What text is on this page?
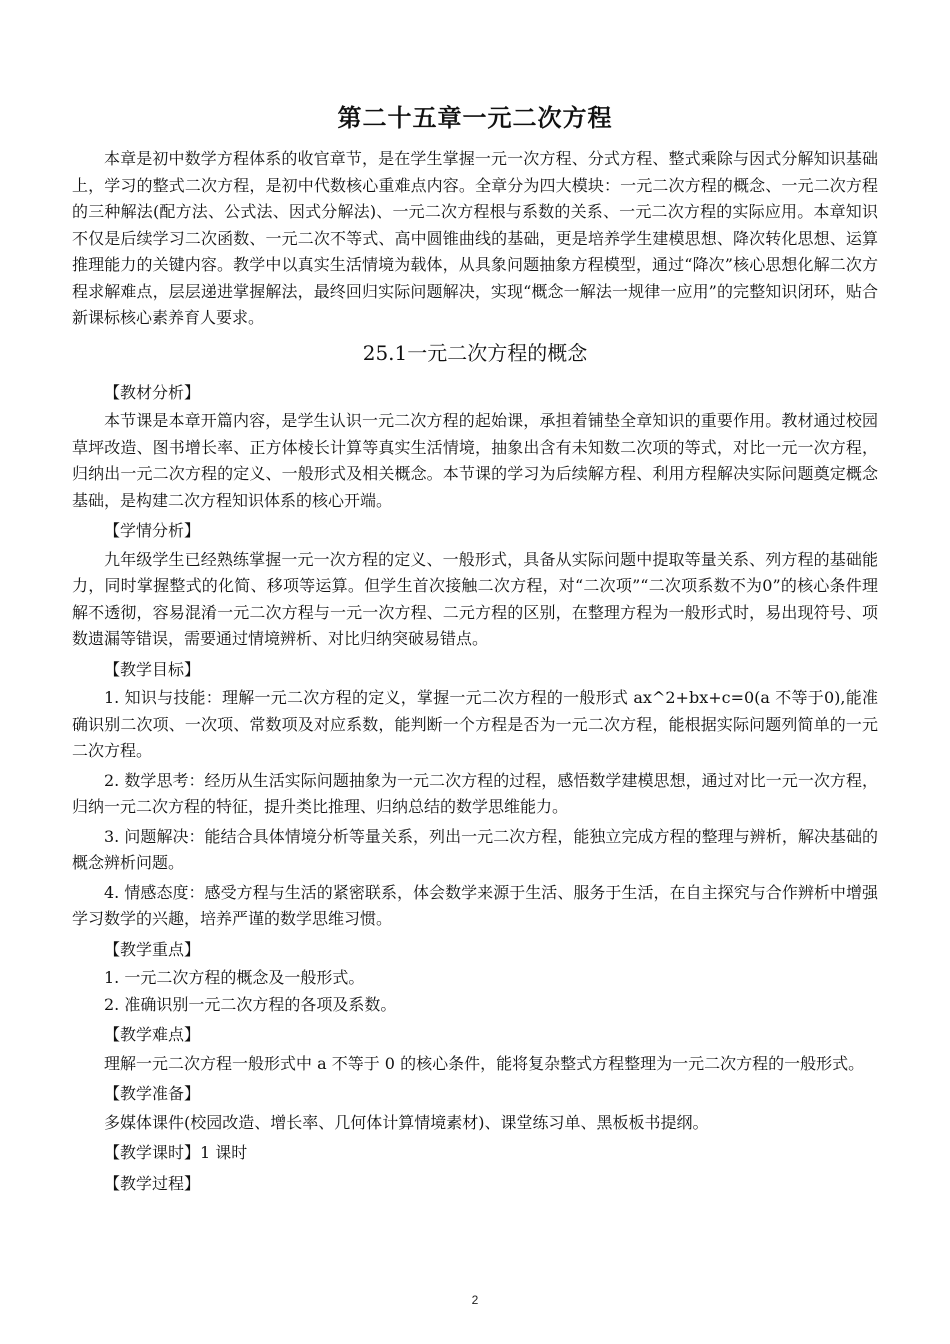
第二十五章一元二次方程

本章是初中数学方程体系的收官章节，是在学生掌握一元一次方程、分式方程、整式乘除与因式分解知识基础上，学习的整式二次方程，是初中代数核心重难点内容。全章分为四大模块：一元二次方程的概念、一元二次方程的三种解法(配方法、公式法、因式分解法)、一元二次方程根与系数的关系、一元二次方程的实际应用。本章知识不仅是后续学习二次函数、一元二次不等式、高中圆锥曲线的基础，更是培养学生建模思想、降次转化思想、运算推理能力的关键内容。教学中以真实生活情境为载体，从具象问题抽象方程模型，通过“降次”核心思想化解二次方程求解难点，层层递进掌握解法，最终回归实际问题解决，实现“概念一解法一规律一应用”的完整知识闭环，贴合新课标核心素养育人要求。

25.1一元二次方程的概念

【教材分析】

本节课是本章开篇内容，是学生认识一元二次方程的起始课，承担着铺垫全章知识的重要作用。教材通过校园草坪改造、图书增长率、正方体棱长计算等真实生活情境，抽象出含有未知数二次项的等式，对比一元一次方程，归纳出一元二次方程的定义、一般形式及相关概念。本节课的学习为后续解方程、利用方程解决实际问题奠定概念基础，是构建二次方程知识体系的核心开端。

【学情分析】

九年级学生已经熟练掌握一元一次方程的定义、一般形式，具备从实际问题中提取等量关系、列方程的基础能力，同时掌握整式的化简、移项等运算。但学生首次接触二次方程，对“二次项”“二次项系数不为0”的核心条件理解不透彻，容易混淆一元二次方程与一元一次方程、二元方程的区别，在整理方程为一般形式时，易出现符号、项数遗漏等错误，需要通过情境辨析、对比归纳突破易错点。

【教学目标】

1. 知识与技能：理解一元二次方程的定义，掌握一元二次方程的一般形式 ax^2+bx+c=0(a 不等于0),能准确识别二次项、一次项、常数项及对应系数，能判断一个方程是否为一元二次方程，能根据实际问题列简单的一元二次方程。

2. 数学思考：经历从生活实际问题抽象为一元二次方程的过程，感悟数学建模思想，通过对比一元一次方程，归纳一元二次方程的特征，提升类比推理、归纳总结的数学思维能力。

3. 问题解决：能结合具体情境分析等量关系，列出一元二次方程，能独立完成方程的整理与辨析，解决基础的概念辨析问题。

4. 情感态度：感受方程与生活的紧密联系，体会数学来源于生活、服务于生活，在自主探究与合作辨析中增强学习数学的兴趣，培养严谨的数学思维习惯。

【教学重点】

1. 一元二次方程的概念及一般形式。

2. 准确识别一元二次方程的各项及系数。

【教学难点】

理解一元二次方程一般形式中 a 不等于 0 的核心条件，能将复杂整式方程整理为一元二次方程的一般形式。

【教学准备】

多媒体课件(校园改造、增长率、几何体计算情境素材)、课堂练习单、黑板板书提纲。

【教学课时】1 课时

【教学过程】

2
